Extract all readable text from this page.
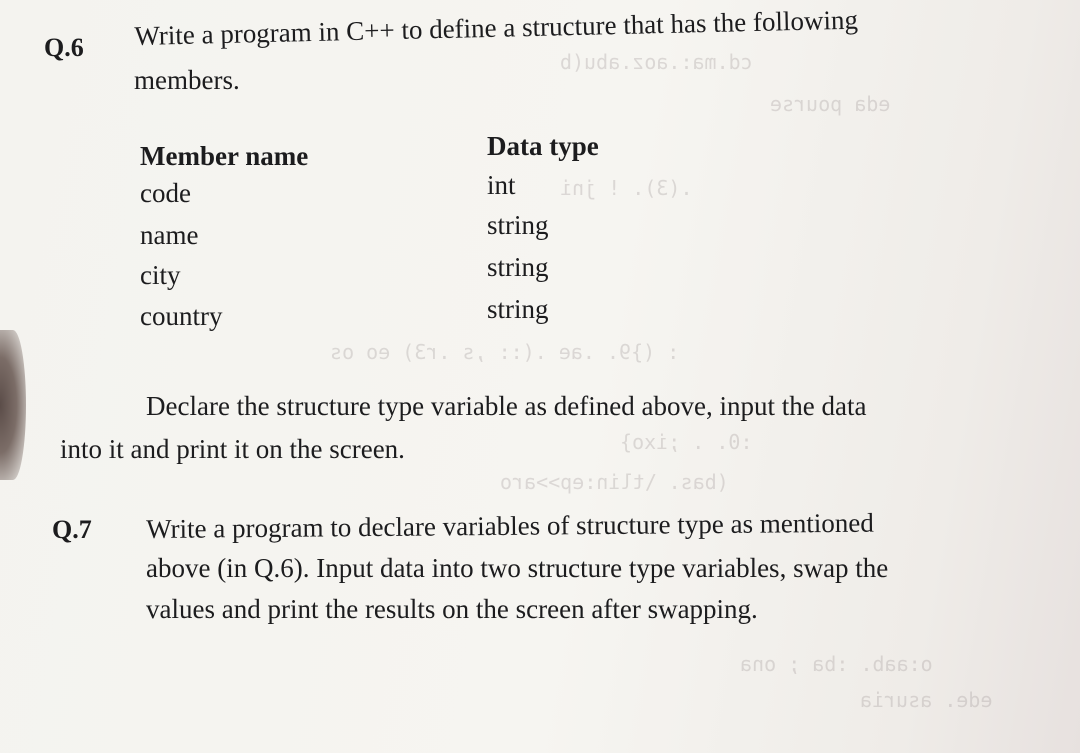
cd.ma:.aoz.abu(b
eda pourse
.(3). ! jni
: (}9. .ae .(:: ,s .r3) eo os
:0. . ;ixo}
(bas. \tlin:ep>>aro
o:aab. :ba ; ona
ede. asuria
Q.6 Write a program in C++ to define a structure that has the following
members.
Member name	Data type
code	int
name	string
city	string
country	string
Declare the structure type variable as defined above, input the data
into it and print it on the screen.
Q.7 Write a program to declare variables of structure type as mentioned
above (in Q.6). Input data into two structure type variables, swap the
values and print the results on the screen after swapping.
